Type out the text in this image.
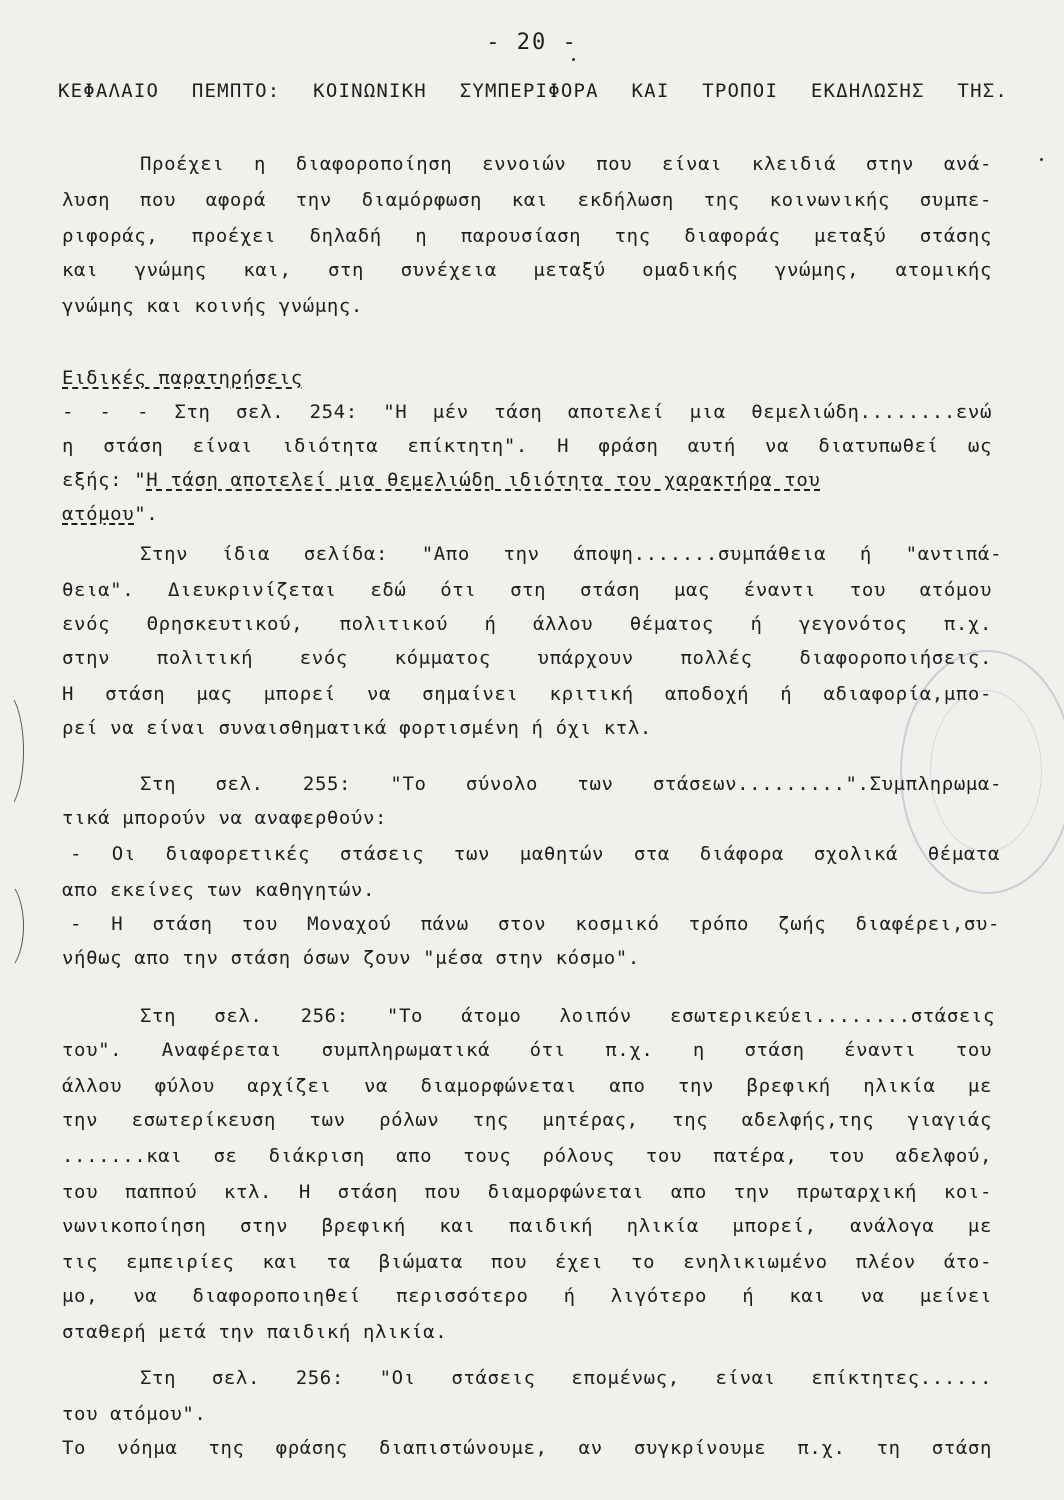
- 20 -
ΚΕΦΑΛΑΙΟ ΠΕΜΠΤΟ: ΚΟΙΝΩΝΙΚΗ ΣΥΜΠΕΡΙΦΟΡΑ ΚΑΙ ΤΡΟΠΟΙ ΕΚΔΗΛΩΣΗΣ ΤΗΣ.
Προέχει η διαφοροποίηση εννοιών που είναι κλειδιά στην ανά-
λυση που αφορά την διαμόρφωση και εκδήλωση της κοινωνικής συμπε-
ριφοράς, προέχει δηλαδή η παρουσίαση της διαφοράς μεταξύ στάσης
και γνώμης και, στη συνέχεια μεταξύ ομαδικής γνώμης, ατομικής
γνώμης και κοινής γνώμης.
Ειδικές παρατηρήσεις
- - - Στη σελ. 254: "Η μέν τάση αποτελεί μια θεμελιώδη........ενώ
η στάση είναι ιδιότητα επίκτητη". Η φράση αυτή να διατυπωθεί ως
εξής: "Η τάση αποτελεί μια θεμελιώδη ιδιότητα του χαρακτήρα του
ατόμου".
Στην ίδια σελίδα: "Απο την άποψη.......συμπάθεια ή "αντιπά-
θεια". Διευκρινίζεται εδώ ότι στη στάση μας έναντι του ατόμου
ενός Θρησκευτικού, πολιτικού ή άλλου θέματος ή γεγονότος π.χ.
στην πολιτική ενός κόμματος υπάρχουν πολλές διαφοροποιήσεις.
Η στάση μας μπορεί να σημαίνει κριτική αποδοχή ή αδιαφορία,μπο-
ρεί να είναι συναισθηματικά φορτισμένη ή όχι κτλ.
Στη σελ. 255: "Το σύνολο των στάσεων.........".Συμπληρωμα-
τικά μπορούν να αναφερθούν:
- Οι διαφορετικές στάσεις των μαθητών στα διάφορα σχολικά θέματα
απο εκείνες των καθηγητών.
- Η στάση του Μοναχού πάνω στον κοσμικό τρόπο ζωής διαφέρει,συ-
νήθως απο την στάση όσων ζουν "μέσα στην κόσμο".
Στη σελ. 256: "Το άτομο λοιπόν εσωτερικεύει........στάσεις
του". Αναφέρεται συμπληρωματικά ότι π.χ. η στάση έναντι του
άλλου φύλου αρχίζει να διαμορφώνεται απο την βρεφική ηλικία με
την εσωτερίκευση των ρόλων της μητέρας, της αδελφής,της γιαγιάς
.......και σε διάκριση απο τους ρόλους του πατέρα, του αδελφού,
του παππού κτλ. Η στάση που διαμορφώνεται απο την πρωταρχική κοι-
νωνικοποίηση στην βρεφική και παιδική ηλικία μπορεί, ανάλογα με
τις εμπειρίες και τα βιώματα που έχει το ενηλικιωμένο πλέον άτο-
μο, να διαφοροποιηθεί περισσότερο ή λιγότερο ή και να μείνει
σταθερή μετά την παιδική ηλικία.
Στη σελ. 256: "Οι στάσεις επομένως, είναι επίκτητες......
του ατόμου".
Το νόημα της φράσης διαπιστώνουμε, αν συγκρίνουμε π.χ. τη στάση
